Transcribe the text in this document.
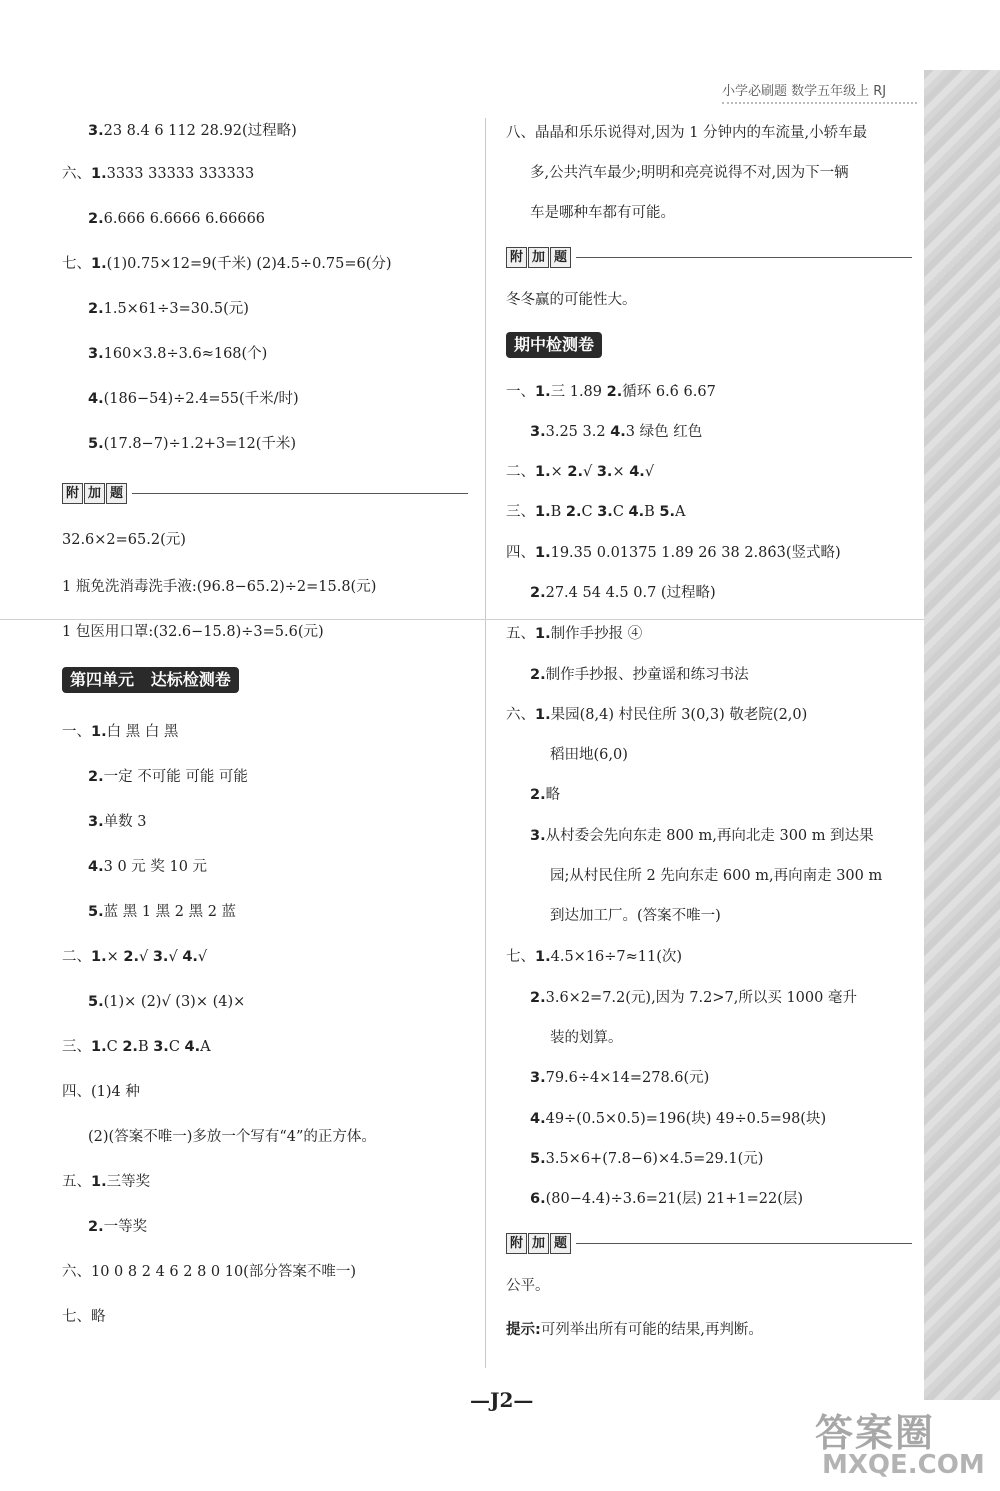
小学必刷题 数学五年级上 RJ
3.23 8.4 6 112 28.92(过程略)
六、1.3333 33333 333333
2.6.666 6.6666 6.66666
七、1.(1)0.75×12=9(千米) (2)4.5÷0.75=6(分)
2.1.5×61÷3=30.5(元)
3.160×3.8÷3.6≈168(个)
4.(186−54)÷2.4=55(千米/时)
5.(17.8−7)÷1.2+3=12(千米)
附 加 题
32.6×2=65.2(元)
1 瓶免洗消毒洗手液:(96.8−65.2)÷2=15.8(元)
1 包医用口罩:(32.6−15.8)÷3=5.6(元)
第四单元   达标检测卷
一、1.白 黑 白 黑
2.一定 不可能 可能 可能
3.单数 3
4.3 0 元 奖 10 元
5.蓝 黑 1 黑 2 黑 2 蓝
二、1.× 2.√ 3.√ 4.√
5.(1)× (2)√ (3)× (4)×
三、1.C 2.B 3.C 4.A
四、(1)4 种
(2)(答案不唯一)多放一个写有“4”的正方体。
五、1.三等奖
2.一等奖
六、10 0 8 2 4 6 2 8 0 10(部分答案不唯一)
七、略
八、晶晶和乐乐说得对,因为 1 分钟内的车流量,小轿车最
多,公共汽车最少;明明和亮亮说得不对,因为下一辆
车是哪种车都有可能。
附 加 题
冬冬赢的可能性大。
期中检测卷
一、1.三 1.89 2.循环 6.6̇ 6.67
3.3.25 3.2 4.3 绿色 红色
二、1.× 2.√ 3.× 4.√
三、1.B 2.C 3.C 4.B 5.A
四、1.19.35 0.01375 1.89 26 38 2.86̇3̇(竖式略)
2.27.4 54 4.5 0.7 (过程略)
五、1.制作手抄报 ④
2.制作手抄报、抄童谣和练习书法
六、1.果园(8,4) 村民住所 3(0,3) 敬老院(2,0)
稻田地(6,0)
2.略
3.从村委会先向东走 800 m,再向北走 300 m 到达果
园;从村民住所 2 先向东走 600 m,再向南走 300 m
到达加工厂。(答案不唯一)
七、1.4.5×16÷7≈11(次)
2.3.6×2=7.2(元),因为 7.2>7,所以买 1000 毫升
装的划算。
3.79.6÷4×14=278.6(元)
4.49÷(0.5×0.5)=196(块) 49÷0.5=98(块)
5.3.5×6+(7.8−6)×4.5=29.1(元)
6.(80−4.4)÷3.6=21(层) 21+1=22(层)
附 加 题
公平。
提示:可列举出所有可能的结果,再判断。
—J2—
答案圈
MXQE.COM
